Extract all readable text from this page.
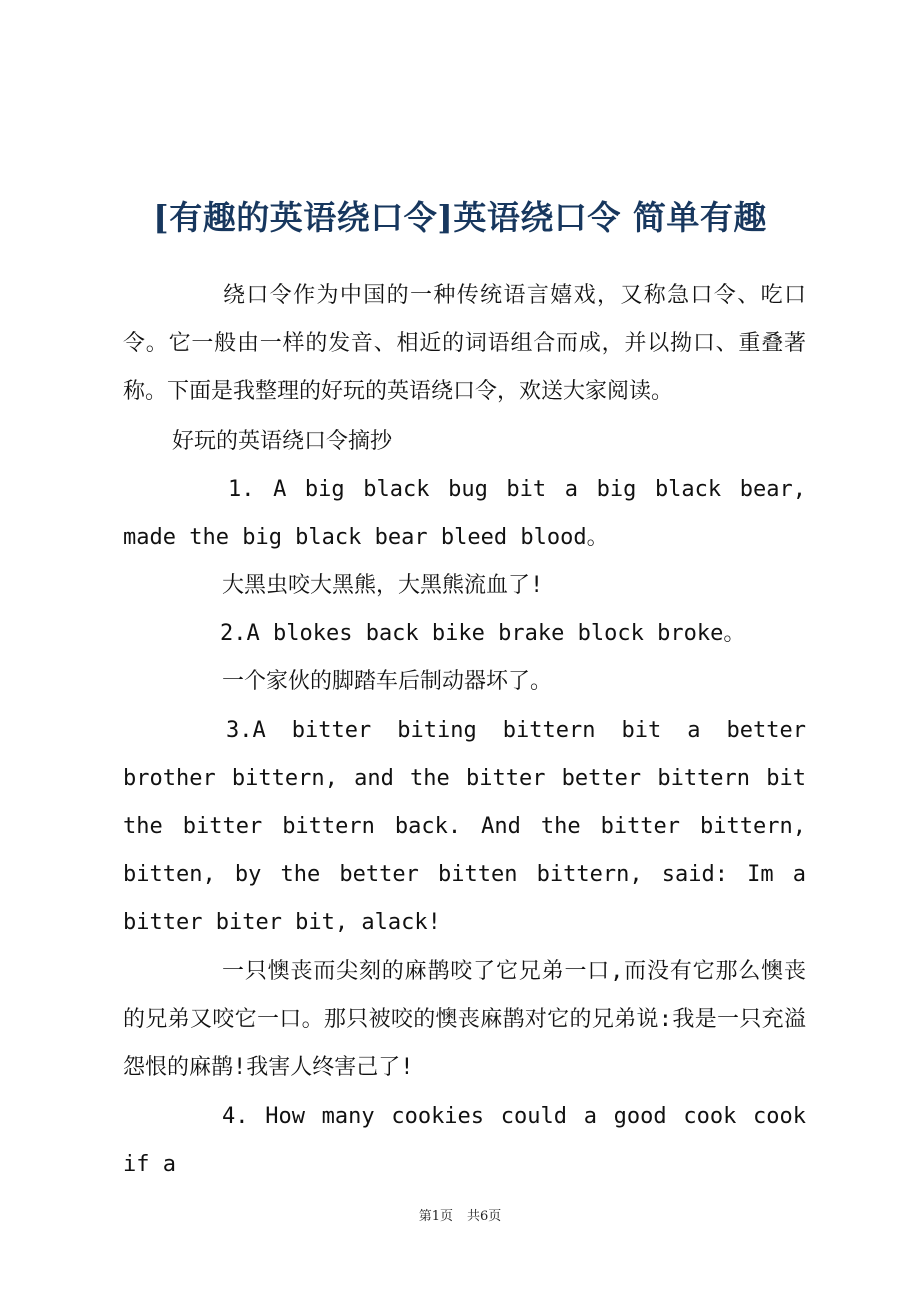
[有趣的英语绕口令]英语绕口令 简单有趣
绕口令作为中国的一种传统语言嬉戏，又称急口令、吃口令。它一般由一样的发音、相近的词语组合而成，并以拗口、重叠著称。下面是我整理的好玩的英语绕口令，欢送大家阅读。
好玩的英语绕口令摘抄
1. A big black bug bit a big black bear, made the big black bear bleed blood。
大黑虫咬大黑熊，大黑熊流血了!
2.A blokes back bike brake block broke。
一个家伙的脚踏车后制动器坏了。
3.A bitter biting bittern bit a better brother bittern, and the bitter better bittern bit the bitter bittern back. And the bitter bittern, bitten, by the better bitten bittern, said: Im a bitter biter bit, alack!
一只懊丧而尖刻的麻鹊咬了它兄弟一口,而没有它那么懊丧的兄弟又咬它一口。那只被咬的懊丧麻鹊对它的兄弟说:我是一只充溢怨恨的麻鹊!我害人终害己了!
4. How many cookies could a good cook cook if a
第1页 共6页
